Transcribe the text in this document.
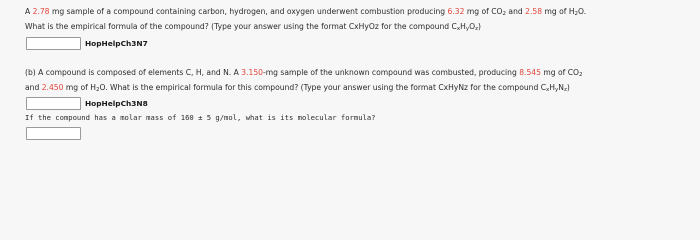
A 2.78 mg sample of a compound containing carbon, hydrogen, and oxygen underwent combustion producing 6.32 mg of $CO_2$ and 2.58 mg of $H_2O$.
What is the empirical formula of the compound? (Type your answer using the format CxHyOz for the compound $C_xH_yO_z$)
HopHelpCh3N7
(b) A compound is composed of elements C, H, and N. A 3.150-mg sample of the unknown compound was combusted, producing 8.545 mg of $CO_2$
and 2.450 mg of $H_2O$. What is the empirical formula for this compound? (Type your answer using the format CxHyNz for the compound $C_xH_yN_z$)
HopHelpCh3N8
If the compound has a molar mass of 160 ± 5 g/mol, what is its molecular formula?
